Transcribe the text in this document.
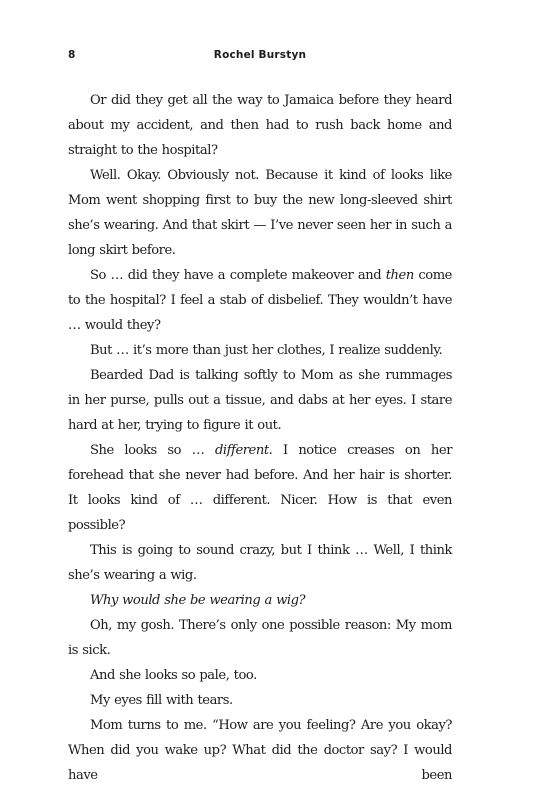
8	Rochel Burstyn

Or did they get all the way to Jamaica before they heard about my accident, and then had to rush back home and straight to the hospital?

Well. Okay. Obviously not. Because it kind of looks like Mom went shopping first to buy the new long-sleeved shirt she’s wearing. And that skirt — I’ve never seen her in such a long skirt before.

So … did they have a complete makeover and then come to the hospital? I feel a stab of disbelief. They wouldn’t have … would they?

But … it’s more than just her clothes, I realize suddenly.

Bearded Dad is talking softly to Mom as she rummages in her purse, pulls out a tissue, and dabs at her eyes. I stare hard at her, trying to figure it out.

She looks so … different. I notice creases on her forehead that she never had before. And her hair is shorter. It looks kind of … different. Nicer. How is that even possible?

This is going to sound crazy, but I think … Well, I think she’s wearing a wig.

Why would she be wearing a wig?

Oh, my gosh. There’s only one possible reason: My mom is sick.

And she looks so pale, too.

My eyes fill with tears.

Mom turns to me. “How are you feeling? Are you okay? When did you wake up? What did the doctor say? I would have been
